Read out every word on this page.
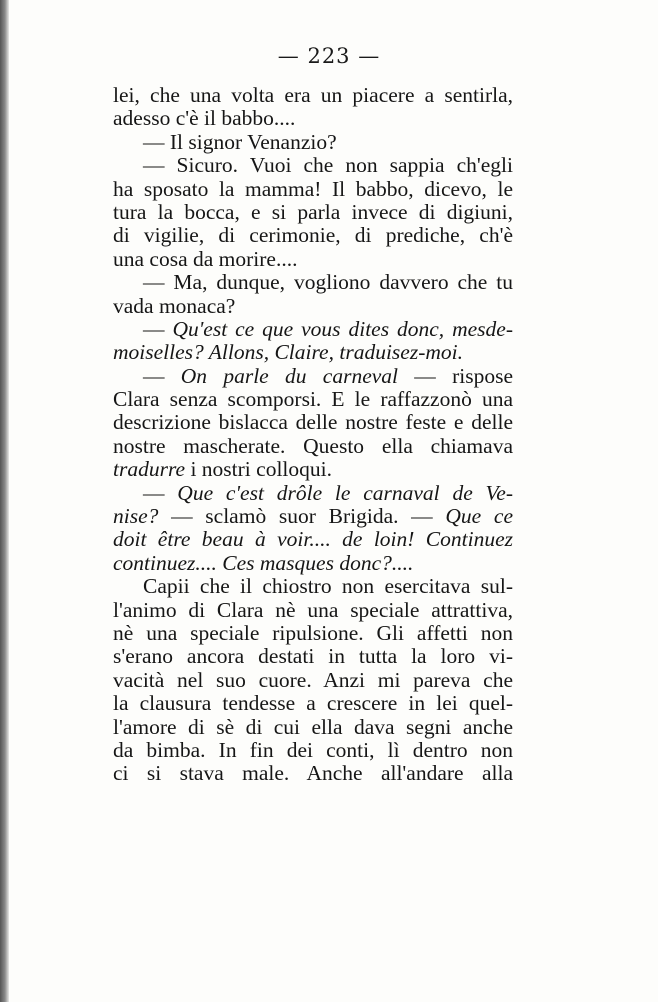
— 223 —
lei, che una volta era un piacere a sentirla,
adesso c'è il babbo....
— Il signor Venanzio?
— Sicuro. Vuoi che non sappia ch'egli
ha sposato la mamma! Il babbo, dicevo, le
tura la bocca, e si parla invece di digiuni,
di vigilie, di cerimonie, di prediche, ch'è
una cosa da morire....
— Ma, dunque, vogliono davvero che tu
vada monaca?
— Qu'est ce que vous dites donc, mesde-
moiselles? Allons, Claire, traduisez-moi.
— On parle du carneval — rispose
Clara senza scomporsi. E le raffazzonò una
descrizione bislacca delle nostre feste e delle
nostre mascherate. Questo ella chiamava
tradurre i nostri colloqui.
— Que c'est drôle le carnaval de Ve-
nise? — sclamò suor Brigida. — Que ce
doit être beau à voir.... de loin! Continuez
continuez.... Ces masques donc?....
Capii che il chiostro non esercitava sul-
l'animo di Clara nè una speciale attrattiva,
nè una speciale ripulsione. Gli affetti non
s'erano ancora destati in tutta la loro vi-
vacità nel suo cuore. Anzi mi pareva che
la clausura tendesse a crescere in lei quel-
l'amore di sè di cui ella dava segni anche
da bimba. In fin dei conti, lì dentro non
ci si stava male. Anche all'andare alla
